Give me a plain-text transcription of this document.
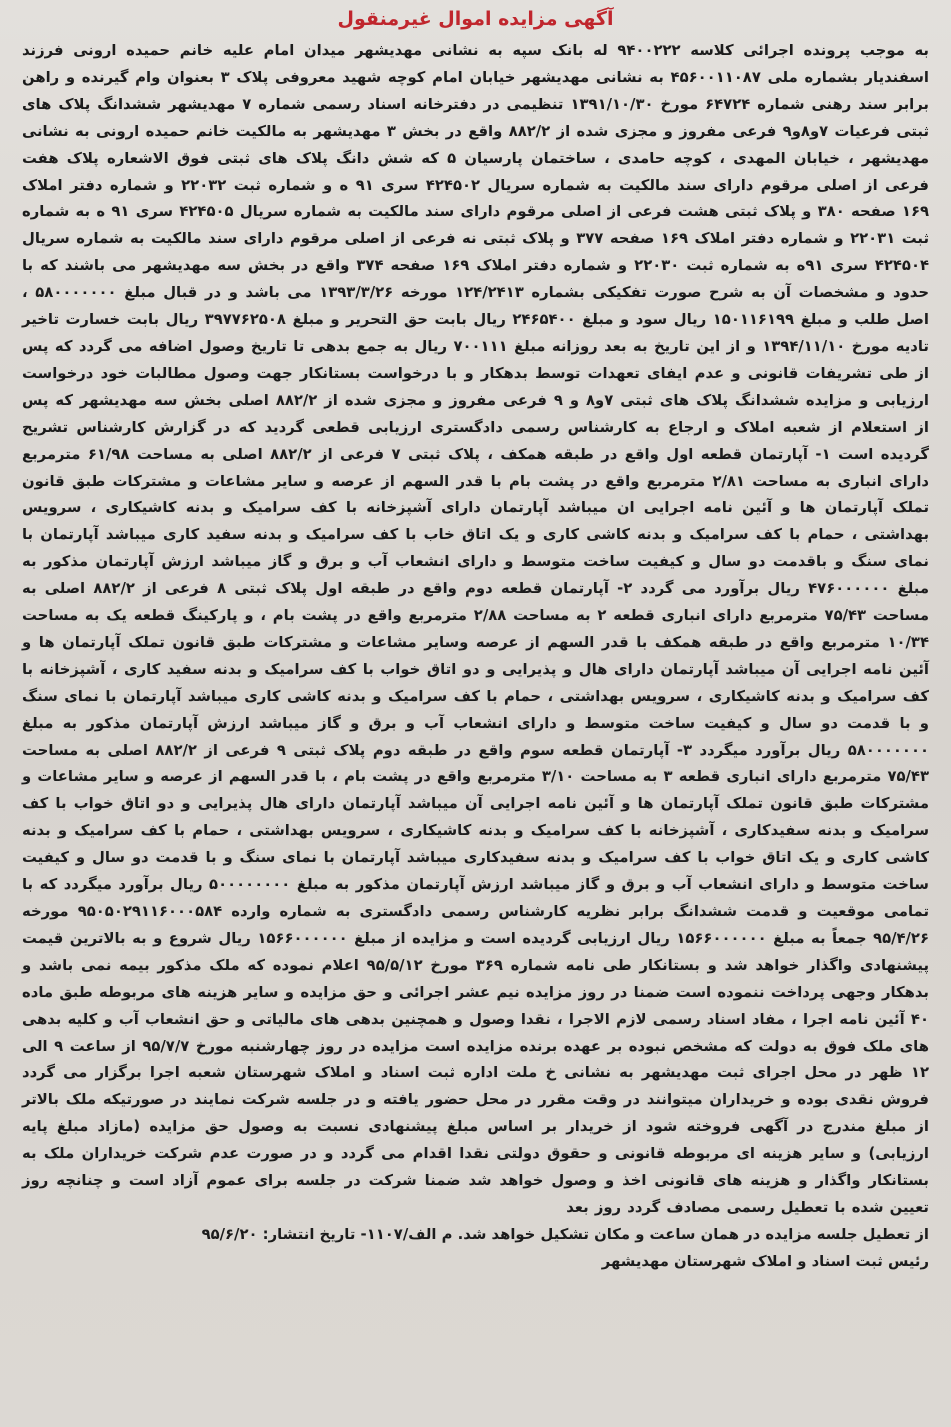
آگهی مزایده اموال غیرمنقول

به موجب پرونده اجرائی کلاسه ۹۴۰۰۲۲۲ له بانک سپه به نشانی مهدیشهر میدان امام علیه خانم حمیده ارونی فرزند اسفندیار بشماره ملی ۴۵۶۰۰۱۱۰۸۷ به نشانی مهدیشهر خیابان امام کوچه شهید معروفی پلاک ۳ بعنوان وام گیرنده و راهن برابر سند رهنی شماره ۶۴۷۲۴ مورخ ۱۳۹۱/۱۰/۳۰ تنظیمی در دفترخانه اسناد رسمی شماره ۷ مهدیشهر ششدانگ پلاک های ثبتی فرعیات ۷و۸و۹ فرعی مفروز و مجزی شده از ۸۸۲/۲ واقع در بخش ۳ مهدیشهر به مالکیت خانم حمیده ارونی به نشانی مهدیشهر ، خیابان المهدی ، کوچه حامدی ، ساختمان پارسیان ۵ که شش دانگ پلاک های ثبتی فوق الاشعاره پلاک هفت فرعی از اصلی مرقوم دارای سند مالکیت به شماره سریال ۴۲۴۵۰۲ سری ۹۱ ه و شماره ثبت ۲۲۰۳۲ و شماره دفتر املاک ۱۶۹ صفحه ۳۸۰ و پلاک ثبتی هشت فرعی از اصلی مرقوم دارای سند مالکیت به شماره سریال ۴۲۴۵۰۵ سری ۹۱ ه به شماره ثبت ۲۲۰۳۱ و شماره دفتر املاک ۱۶۹ صفحه ۳۷۷ و پلاک ثبتی نه فرعی از اصلی مرقوم دارای سند مالکیت به شماره سریال ۴۲۴۵۰۴ سری ۹۱ه به شماره ثبت ۲۲۰۳۰ و شماره دفتر املاک ۱۶۹ صفحه ۳۷۴ واقع در بخش سه مهدیشهر می باشند که با حدود و مشخصات آن به شرح صورت تفکیکی بشماره ۱۲۴/۲۴۱۳ مورخه ۱۳۹۳/۳/۲۶ می باشد و در قبال مبلغ ۵۸۰۰۰۰۰۰۰ ، اصل طلب و مبلغ ۱۵۰۱۱۶۱۹۹ ریال سود و مبلغ ۲۴۶۵۴۰۰ ریال بابت حق التحریر و مبلغ ۳۹۷۷۶۲۵۰۸ ریال بابت خسارت تاخیر تادیه مورخ ۱۳۹۴/۱۱/۱۰ و از این تاریخ به بعد روزانه مبلغ ۷۰۰۱۱۱ ریال به جمع بدهی تا تاریخ وصول اضافه می گردد که پس از طی تشریفات قانونی و عدم ایفای تعهدات توسط بدهکار و با درخواست بستانکار جهت وصول مطالبات خود درخواست ارزیابی و مزایده ششدانگ پلاک های ثبتی ۷و۸ و ۹ فرعی مفروز و مجزی شده از ۸۸۲/۲ اصلی بخش سه مهدیشهر که پس از استعلام از شعبه املاک و ارجاع به کارشناس رسمی دادگستری ارزیابی قطعی گردید که در گزارش کارشناس تشریح گردیده است ۱- آپارتمان قطعه اول واقع در طبقه همکف ، پلاک ثبتی ۷ فرعی از ۸۸۲/۲ اصلی به مساحت ۶۱/۹۸ مترمربع دارای انباری به مساحت ۲/۸۱ مترمربع واقع در پشت بام با قدر السهم از عرصه و سایر مشاعات و مشترکات طبق قانون تملک آپارتمان ها و آئین نامه اجرایی ان میباشد آپارتمان دارای آشپزخانه با کف سرامیک و بدنه کاشیکاری ، سرویس بهداشتی ، حمام با کف سرامیک و بدنه کاشی کاری و یک اتاق خاب با کف سرامیک و بدنه سفید کاری میباشد آپارتمان با نمای سنگ و باقدمت دو سال و کیفیت ساخت متوسط و دارای انشعاب آب و برق و گاز میباشد ارزش آپارتمان مذکور به مبلغ ۴۷۶۰۰۰۰۰۰ ریال برآورد می گردد ۲- آپارتمان قطعه دوم واقع در طبقه اول پلاک ثبتی ۸ فرعی از ۸۸۲/۲ اصلی به مساحت ۷۵/۴۳ مترمربع دارای انباری قطعه ۲ به مساحت ۲/۸۸ مترمربع واقع در پشت بام ، و پارکینگ قطعه یک به مساحت ۱۰/۳۴ مترمربع واقع در طبقه همکف با قدر السهم از عرصه وسایر مشاعات و مشترکات طبق قانون تملک آپارتمان ها و آئین نامه اجرایی آن میباشد آپارتمان دارای هال و پذیرایی و دو اتاق خواب با کف سرامیک و بدنه سفید کاری ، آشپزخانه با کف سرامیک و بدنه کاشیکاری ، سرویس بهداشتی ، حمام با کف سرامیک و بدنه کاشی کاری میباشد آپارتمان با نمای سنگ و با قدمت دو سال و کیفیت ساخت متوسط و دارای انشعاب آب و برق و گاز میباشد ارزش آپارتمان مذکور به مبلغ ۵۸۰۰۰۰۰۰۰ ریال برآورد میگردد ۳- آپارتمان قطعه سوم واقع در طبقه دوم پلاک ثبتی ۹ فرعی از ۸۸۲/۲ اصلی به مساحت ۷۵/۴۳ مترمربع دارای انباری قطعه ۳ به مساحت ۳/۱۰ مترمربع واقع در پشت بام ، با قدر السهم از عرصه و سایر مشاعات و مشترکات طبق قانون تملک آپارتمان ها و آئین نامه اجرایی آن میباشد آپارتمان دارای هال پذیرایی و دو اتاق خواب با کف سرامیک و بدنه سفیدکاری ، آشپزخانه با کف سرامیک و بدنه کاشیکاری ، سرویس بهداشتی ، حمام با کف سرامیک و بدنه کاشی کاری و یک اتاق خواب با کف سرامیک و بدنه سفیدکاری میباشد آپارتمان با نمای سنگ و با قدمت دو سال و کیفیت ساخت متوسط و دارای انشعاب آب و برق و گاز میباشد ارزش آپارتمان مذکور به مبلغ ۵۰۰۰۰۰۰۰۰ ریال برآورد میگردد که با تمامی موقعیت و قدمت ششدانگ برابر نظریه کارشناس رسمی دادگستری به شماره وارده ۹۵۰۵۰۲۹۱۱۶۰۰۰۵۸۴ مورخه ۹۵/۴/۲۶ جمعاً به مبلغ ۱۵۶۶۰۰۰۰۰۰ ریال ارزیابی گردیده است و مزایده از مبلغ ۱۵۶۶۰۰۰۰۰۰ ریال شروع و به بالاترین قیمت پیشنهادی واگذار خواهد شد و بستانکار طی نامه شماره ۳۶۹ مورخ ۹۵/۵/۱۲ اعلام نموده که ملک مذکور بیمه نمی باشد و بدهکار وجهی پرداخت ننموده است ضمنا در روز مزایده نیم عشر اجرائی و حق مزایده و سایر هزینه های مربوطه طبق ماده ۴۰ آئین نامه اجرا ، مفاد اسناد رسمی لازم الاجرا ، نقدا وصول و همچنین بدهی های مالیاتی و حق انشعاب آب و کلیه بدهی های ملک فوق به دولت که مشخص نبوده بر عهده برنده مزایده است مزایده در روز چهارشنبه مورخ ۹۵/۷/۷ از ساعت ۹ الی ۱۲ ظهر در محل اجرای ثبت مهدیشهر به نشانی خ ملت اداره ثبت اسناد و املاک شهرستان شعبه اجرا برگزار می گردد فروش نقدی بوده و خریداران میتوانند در وقت مقرر در محل حضور یافته و در جلسه شرکت نمایند در صورتیکه ملک بالاتر از مبلغ مندرج در آگهی فروخته شود از خریدار بر اساس مبلغ پیشنهادی نسبت به وصول حق مزایده (مازاد مبلغ پایه ارزیابی) و سایر هزینه ای مربوطه قانونی و حقوق دولتی نقدا اقدام می گردد و در صورت عدم شرکت خریداران ملک به بستانکار واگذار و هزینه های قانونی اخذ و وصول خواهد شد ضمنا شرکت در جلسه برای عموم آزاد است و چنانچه روز تعیین شده با تعطیل رسمی مصادف گردد روز بعد

از تعطیل جلسه مزایده در همان ساعت و مکان تشکیل خواهد شد. م الف/۱۱۰۷- تاریخ انتشار: ۹۵/۶/۲۰
رئیس ثبت اسناد و املاک شهرستان مهدیشهر
